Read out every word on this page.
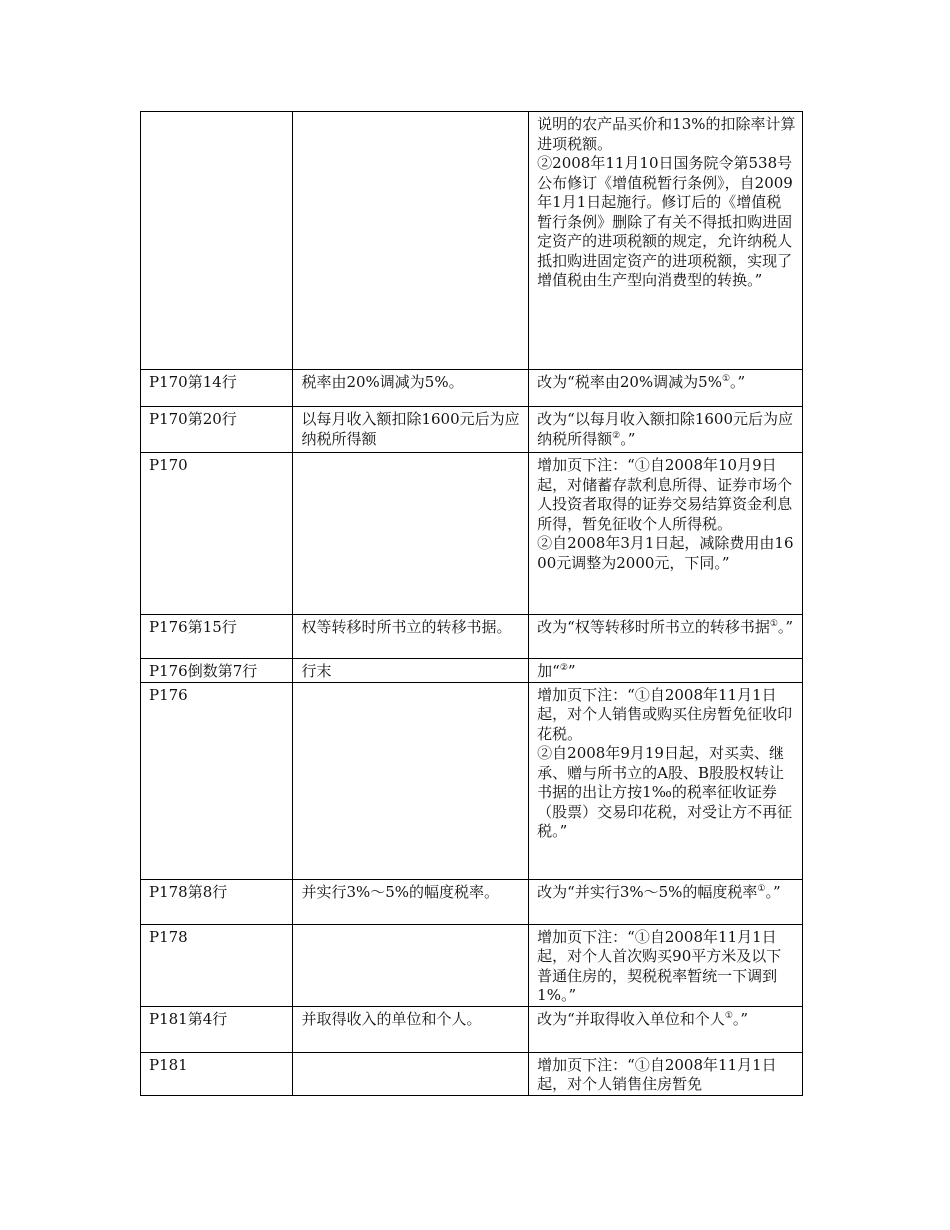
		说明的农产品买价和13%的扣除率计算进项税额。
②2008年11月10日国务院令第538号公布修订《增值税暂行条例》，自2009年1月1日起施行。修订后的《增值税暂行条例》删除了有关不得抵扣购进固定资产的进项税额的规定，允许纳税人抵扣购进固定资产的进项税额，实现了增值税由生产型向消费型的转换。”

P170第14行	税率由20%调减为5%。	改为“税率由20%调减为5%①。”

P170第20行	以每月收入额扣除1600元后为应纳税所得额	改为“以每月收入额扣除1600元后为应纳税所得额②。”

P170		增加页下注：“①自2008年10月9日起，对储蓄存款利息所得、证券市场个人投资者取得的证券交易结算资金利息所得，暂免征收个人所得税。
②自2008年3月1日起，减除费用由1600元调整为2000元，下同。”

P176第15行	权等转移时所书立的转移书据。	改为“权等转移时所书立的转移书据①。”

P176倒数第7行	行末	加“②”

P176		增加页下注：“①自2008年11月1日起，对个人销售或购买住房暂免征收印花税。
②自2008年9月19日起，对买卖、继承、赠与所书立的A股、B股股权转让书据的出让方按1‰的税率征收证券（股票）交易印花税，对受让方不再征税。”

P178第8行	并实行3%～5%的幅度税率。	改为“并实行3%～5%的幅度税率①。”

P178		增加页下注：“①自2008年11月1日起，对个人首次购买90平方米及以下普通住房的，契税税率暂统一下调到1%。”

P181第4行	并取得收入的单位和个人。	改为“并取得收入单位和个人①。”

P181		增加页下注：“①自2008年11月1日起，对个人销售住房暂免
